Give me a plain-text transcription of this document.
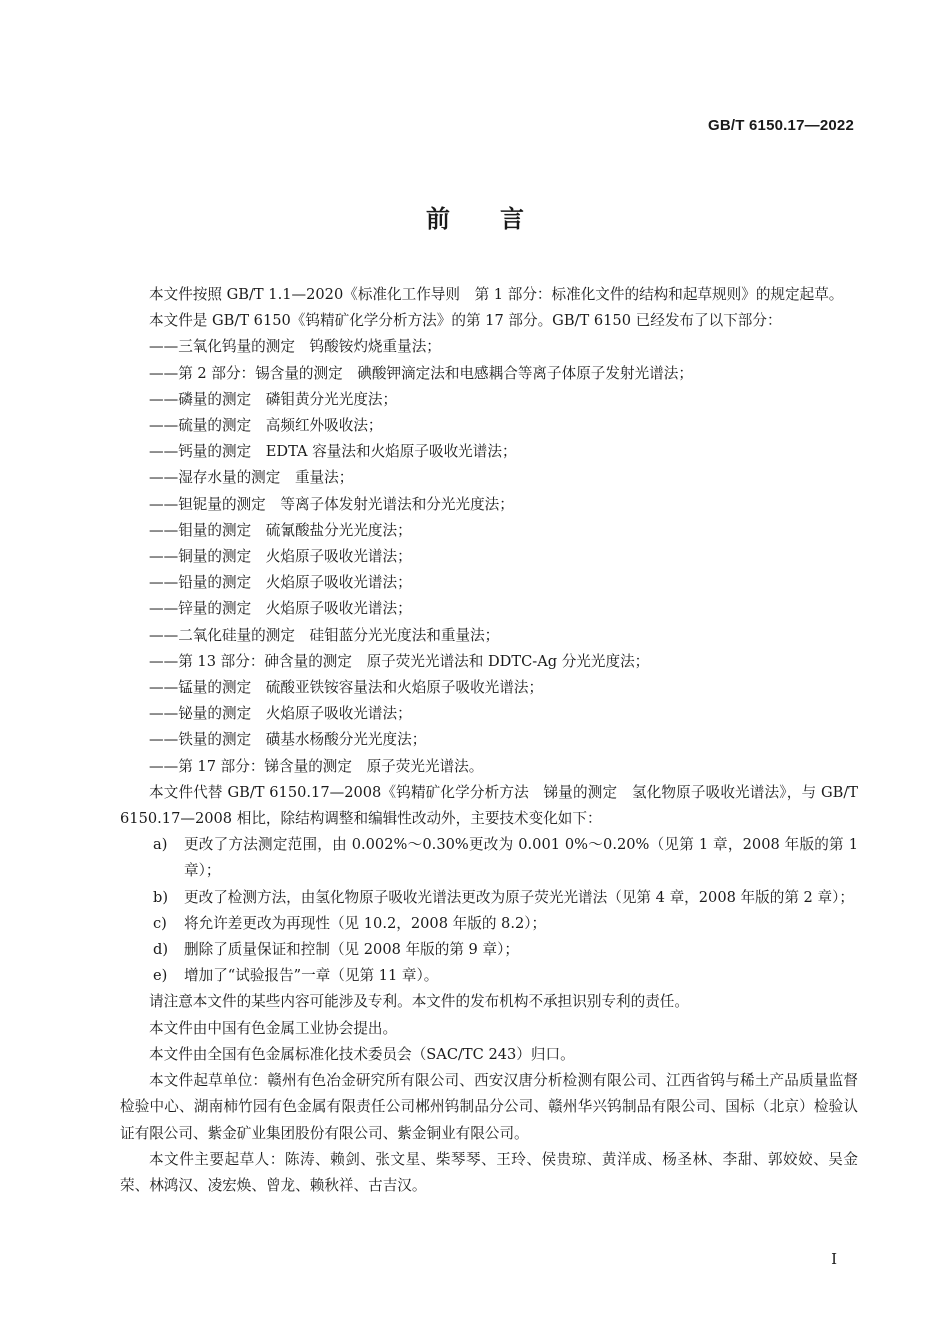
GB/T 6150.17—2022
前言

本文件按照 GB/T 1.1—2020《标准化工作导则　第 1 部分：标准化文件的结构和起草规则》的规定起草。

本文件是 GB/T 6150《钨精矿化学分析方法》的第 17 部分。GB/T 6150 已经发布了以下部分：

——三氧化钨量的测定　钨酸铵灼烧重量法；
——第 2 部分：锡含量的测定　碘酸钾滴定法和电感耦合等离子体原子发射光谱法；
——磷量的测定　磷钼黄分光光度法；
——硫量的测定　高频红外吸收法；
——钙量的测定　EDTA 容量法和火焰原子吸收光谱法；
——湿存水量的测定　重量法；
——钽铌量的测定　等离子体发射光谱法和分光光度法；
——钼量的测定　硫氰酸盐分光光度法；
——铜量的测定　火焰原子吸收光谱法；
——铅量的测定　火焰原子吸收光谱法；
——锌量的测定　火焰原子吸收光谱法；
——二氧化硅量的测定　硅钼蓝分光光度法和重量法；
——第 13 部分：砷含量的测定　原子荧光光谱法和 DDTC-Ag 分光光度法；
——锰量的测定　硫酸亚铁铵容量法和火焰原子吸收光谱法；
——铋量的测定　火焰原子吸收光谱法；
——铁量的测定　磺基水杨酸分光光度法；
——第 17 部分：锑含量的测定　原子荧光光谱法。

本文件代替 GB/T 6150.17—2008《钨精矿化学分析方法　锑量的测定　氢化物原子吸收光谱法》，与 GB/T 6150.17—2008 相比，除结构调整和编辑性改动外，主要技术变化如下：

a)	更改了方法测定范围，由 0.002%～0.30%更改为 0.001 0%～0.20%（见第 1 章，2008 年版的第 1 章）；
b)	更改了检测方法，由氢化物原子吸收光谱法更改为原子荧光光谱法（见第 4 章，2008 年版的第 2 章）；
c)	将允许差更改为再现性（见 10.2，2008 年版的 8.2）；
d)	删除了质量保证和控制（见 2008 年版的第 9 章）；
e)	增加了“试验报告”一章（见第 11 章）。

请注意本文件的某些内容可能涉及专利。本文件的发布机构不承担识别专利的责任。

本文件由中国有色金属工业协会提出。

本文件由全国有色金属标准化技术委员会（SAC/TC 243）归口。

本文件起草单位：赣州有色冶金研究所有限公司、西安汉唐分析检测有限公司、江西省钨与稀土产品质量监督检验中心、湖南柿竹园有色金属有限责任公司郴州钨制品分公司、赣州华兴钨制品有限公司、国标（北京）检验认证有限公司、紫金矿业集团股份有限公司、紫金铜业有限公司。

本文件主要起草人：陈涛、赖剑、张文星、柴琴琴、王玲、侯贵琼、黄洋成、杨圣林、李甜、郭姣姣、吴金荣、林鸿汉、凌宏焕、曾龙、赖秋祥、古吉汉。

I
